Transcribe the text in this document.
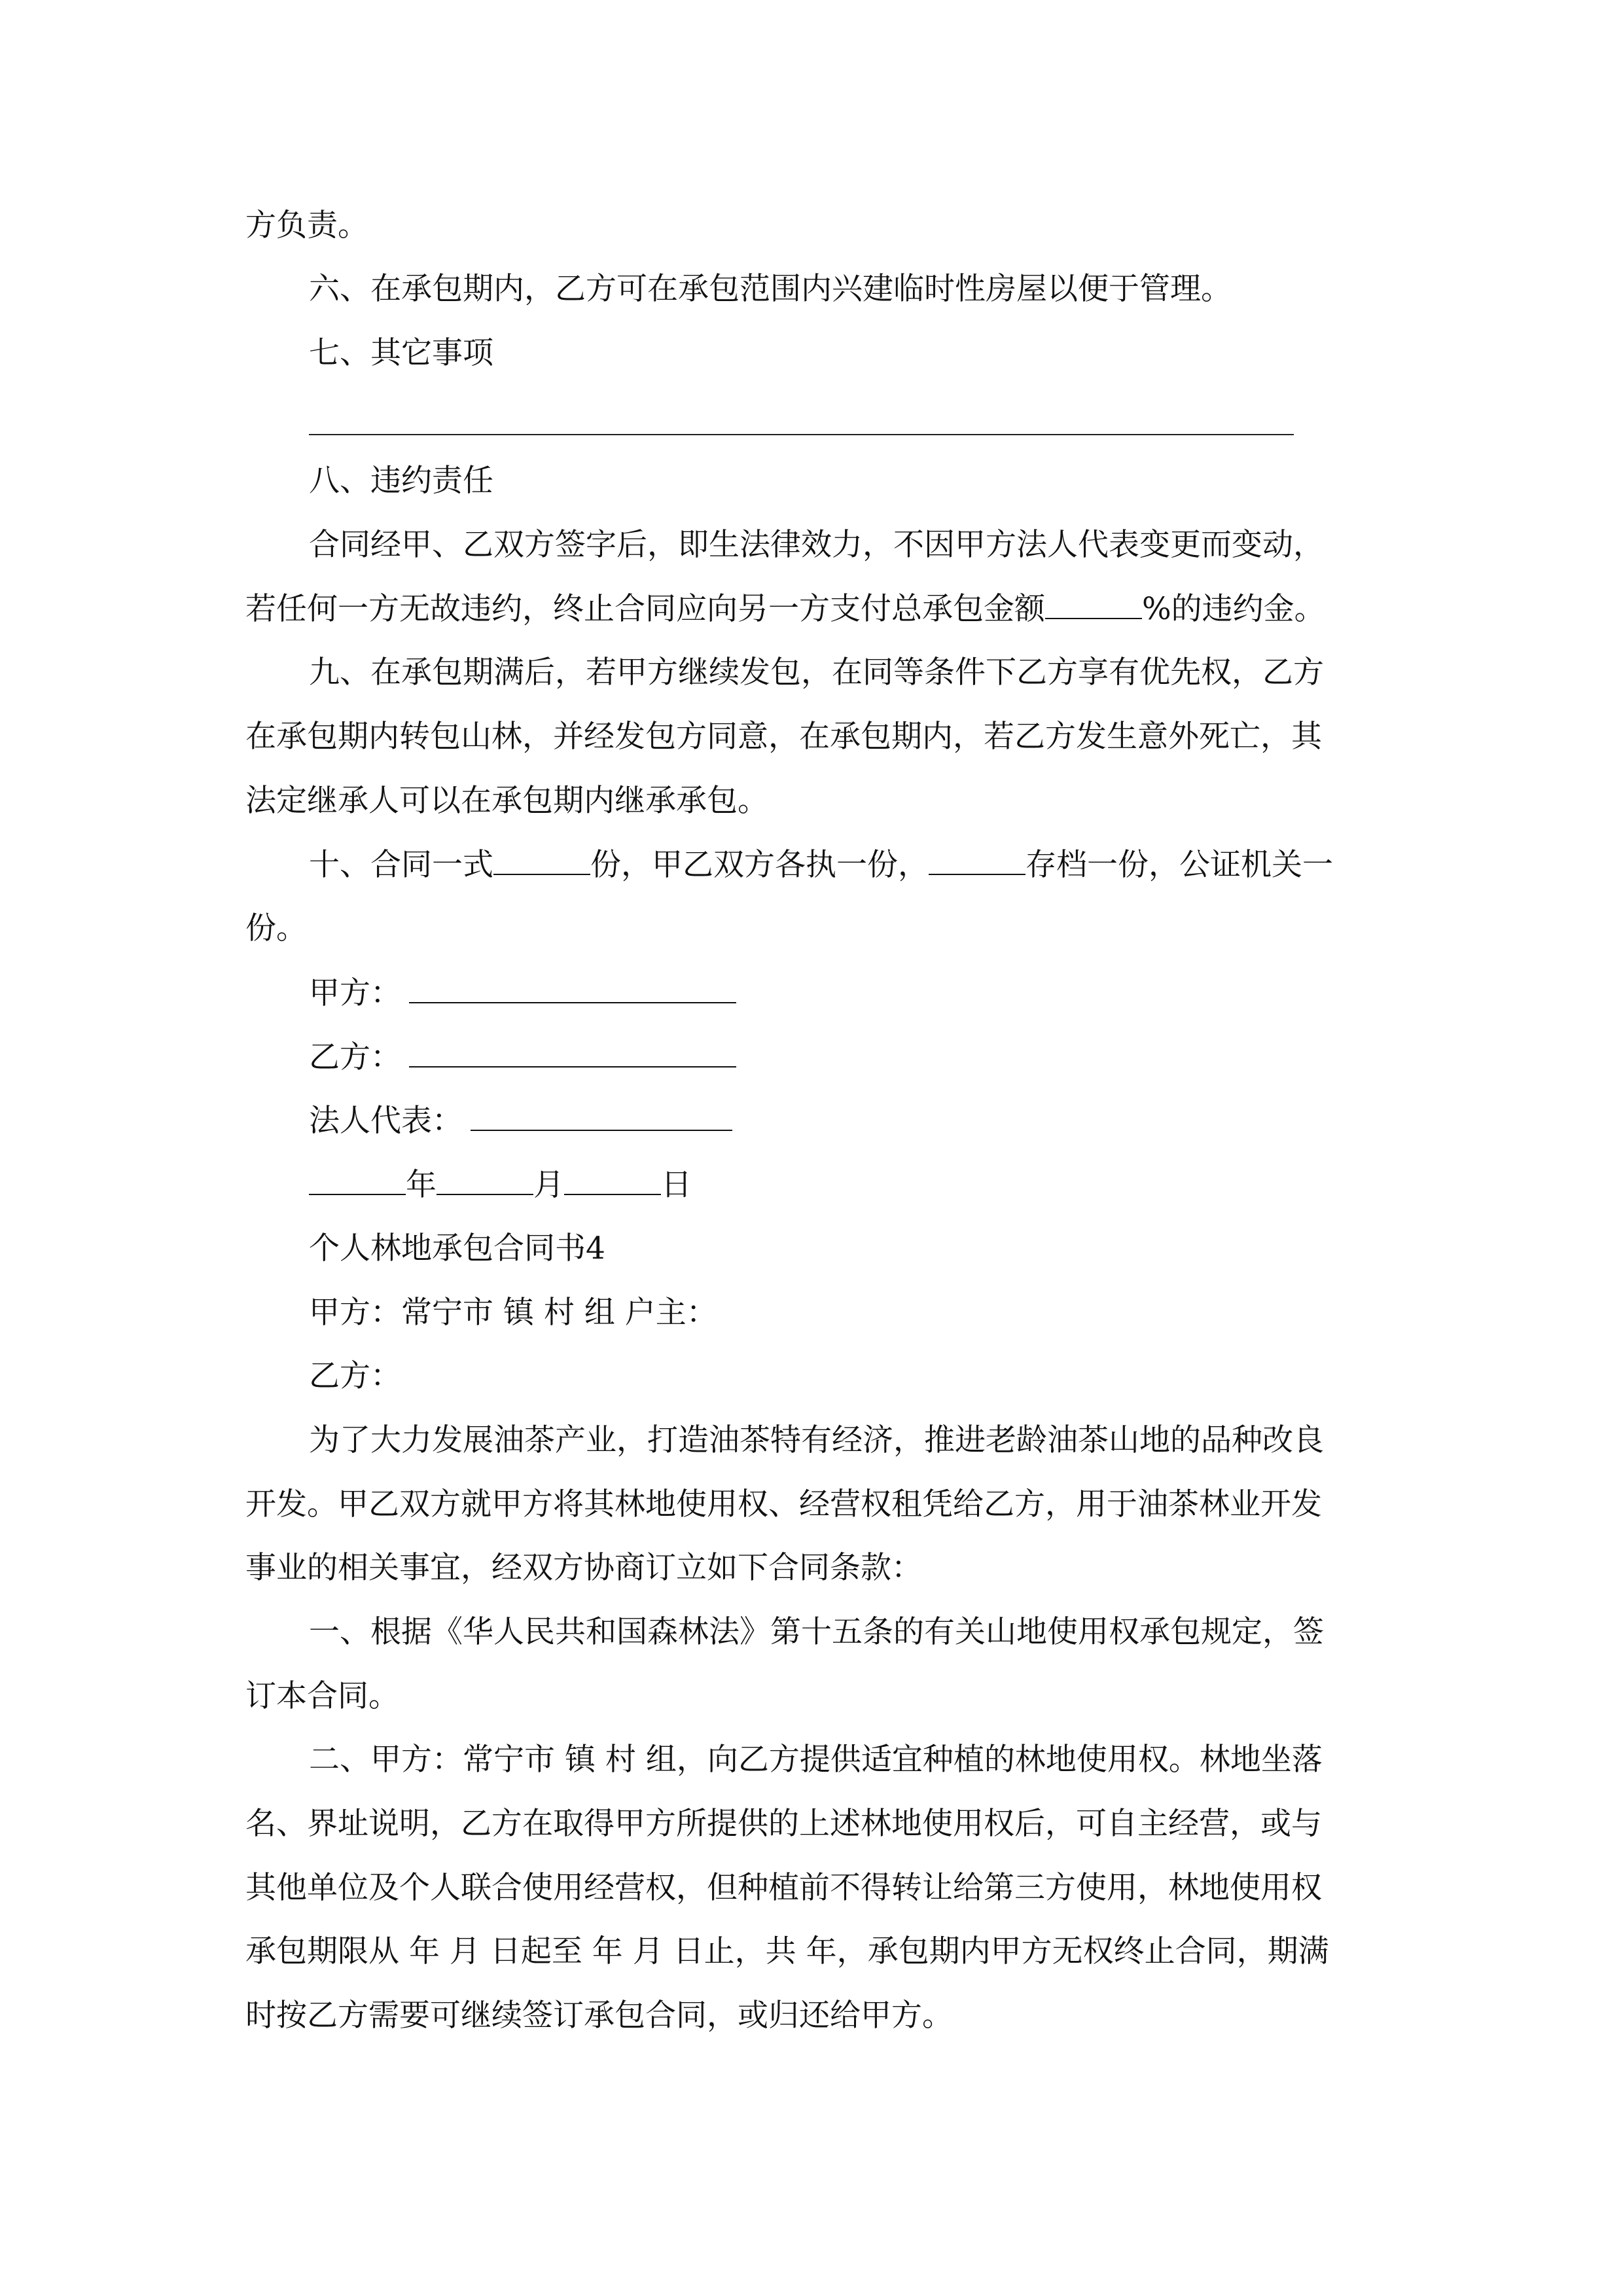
方负责。
六、在承包期内，乙方可在承包范围内兴建临时性房屋以便于管理。
七、其它事项
八、违约责任
合同经甲、乙双方签字后，即生法律效力，不因甲方法人代表变更而变动，
若任何一方无故违约，终止合同应向另一方支付总承包金额	%的违约金。
九、在承包期满后，若甲方继续发包，在同等条件下乙方享有优先权，乙方
在承包期内转包山林，并经发包方同意，在承包期内，若乙方发生意外死亡，其
法定继承人可以在承包期内继承承包。
十、合同一式	份，甲乙双方各执一份，	存档一份，公证机关一
份。
甲方：
乙方：
法人代表：
年	月	日
个人林地承包合同书4
甲方：常宁市 镇 村 组 户主：
乙方：
为了大力发展油茶产业，打造油茶特有经济，推进老龄油茶山地的品种改良
开发。甲乙双方就甲方将其林地使用权、经营权租凭给乙方，用于油茶林业开发
事业的相关事宜，经双方协商订立如下合同条款：
一、根据《华人民共和国森林法》第十五条的有关山地使用权承包规定，签
订本合同。
二、甲方：常宁市 镇 村 组，向乙方提供适宜种植的林地使用权。林地坐落
名、界址说明，乙方在取得甲方所提供的上述林地使用权后，可自主经营，或与
其他单位及个人联合使用经营权，但种植前不得转让给第三方使用，林地使用权
承包期限从 年 月 日起至 年 月 日止，共 年，承包期内甲方无权终止合同，期满
时按乙方需要可继续签订承包合同，或归还给甲方。
